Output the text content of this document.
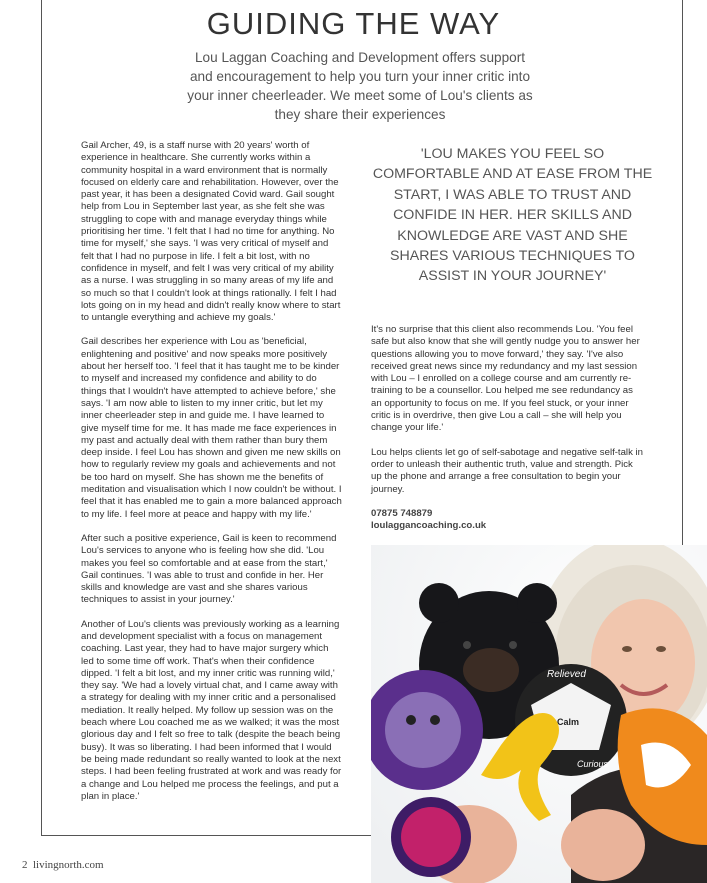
GUIDING THE WAY
Lou Laggan Coaching and Development offers support and encouragement to help you turn your inner critic into your inner cheerleader. We meet some of Lou's clients as they share their experiences

Gail Archer, 49, is a staff nurse with 20 years' worth of experience in healthcare. She currently works within a community hospital in a ward environment that is normally focused on elderly care and rehabilitation. However, over the past year, it has been a designated Covid ward. Gail sought help from Lou in September last year, as she felt she was struggling to cope with and manage everyday things while prioritising her time. 'I felt that I had no time for anything. No time for myself,' she says. 'I was very critical of myself and felt that I had no purpose in life. I felt a bit lost, with no confidence in myself, and felt I was very critical of my ability as a nurse. I was struggling in so many areas of my life and so much so that I couldn't look at things rationally. I felt I had lots going on in my head and didn't really know where to start to untangle everything and achieve my goals.'

Gail describes her experience with Lou as 'beneficial, enlightening and positive' and now speaks more positively about her herself too. 'I feel that it has taught me to be kinder to myself and increased my confidence and ability to do things that I wouldn't have attempted to achieve before,' she says. 'I am now able to listen to my inner critic, but let my inner cheerleader step in and guide me. I have learned to give myself time for me. It has made me face experiences in my past and actually deal with them rather than bury them deep inside. I feel Lou has shown and given me new skills on how to regularly review my goals and achievements and not be too hard on myself. She has shown me the benefits of meditation and visualisation which I now couldn't be without. I feel that it has enabled me to gain a more balanced approach to my life. I feel more at peace and happy with my life.'

After such a positive experience, Gail is keen to recommend Lou's services to anyone who is feeling how she did. 'Lou makes you feel so comfortable and at ease from the start,' Gail continues. 'I was able to trust and confide in her. Her skills and knowledge are vast and she shares various techniques to assist in your journey.'

Another of Lou's clients was previously working as a learning and development specialist with a focus on management coaching. Last year, they had to have major surgery which led to some time off work. That's when their confidence dipped. 'I felt a bit lost, and my inner critic was running wild,' they say. 'We had a lovely virtual chat, and I came away with a strategy for dealing with my inner critic and a personalised mediation. It really helped. My follow up session was on the beach where Lou coached me as we walked; it was the most glorious day and I felt so free to talk (despite the beach being busy). It was so liberating. I had been informed that I would be being made redundant so really wanted to look at the next steps. I had been feeling frustrated at work and was ready for a change and Lou helped me process the feelings, and put a plan in place.'

'LOU MAKES YOU FEEL SO COMFORTABLE AND AT EASE FROM THE START, I WAS ABLE TO TRUST AND CONFIDE IN HER. HER SKILLS AND KNOWLEDGE ARE VAST AND SHE SHARES VARIOUS TECHNIQUES TO ASSIST IN YOUR JOURNEY'

It's no surprise that this client also recommends Lou. 'You feel safe but also know that she will gently nudge you to answer her questions allowing you to move forward,' they say. 'I've also received great news since my redundancy and my last session with Lou – I enrolled on a college course and am currently re-training to be a counsellor. Lou helped me see redundancy as an opportunity to focus on me. If you feel stuck, or your inner critic is in overdrive, then give Lou a call – she will help you change your life.'

Lou helps clients let go of self-sabotage and negative self-talk in order to unleash their authentic truth, value and strength. Pick up the phone and arrange a free consultation to begin your journey.

07875 748879
loulaggancoaching.co.uk
Relieved
Calm
Curious
2 livingnorth.com
